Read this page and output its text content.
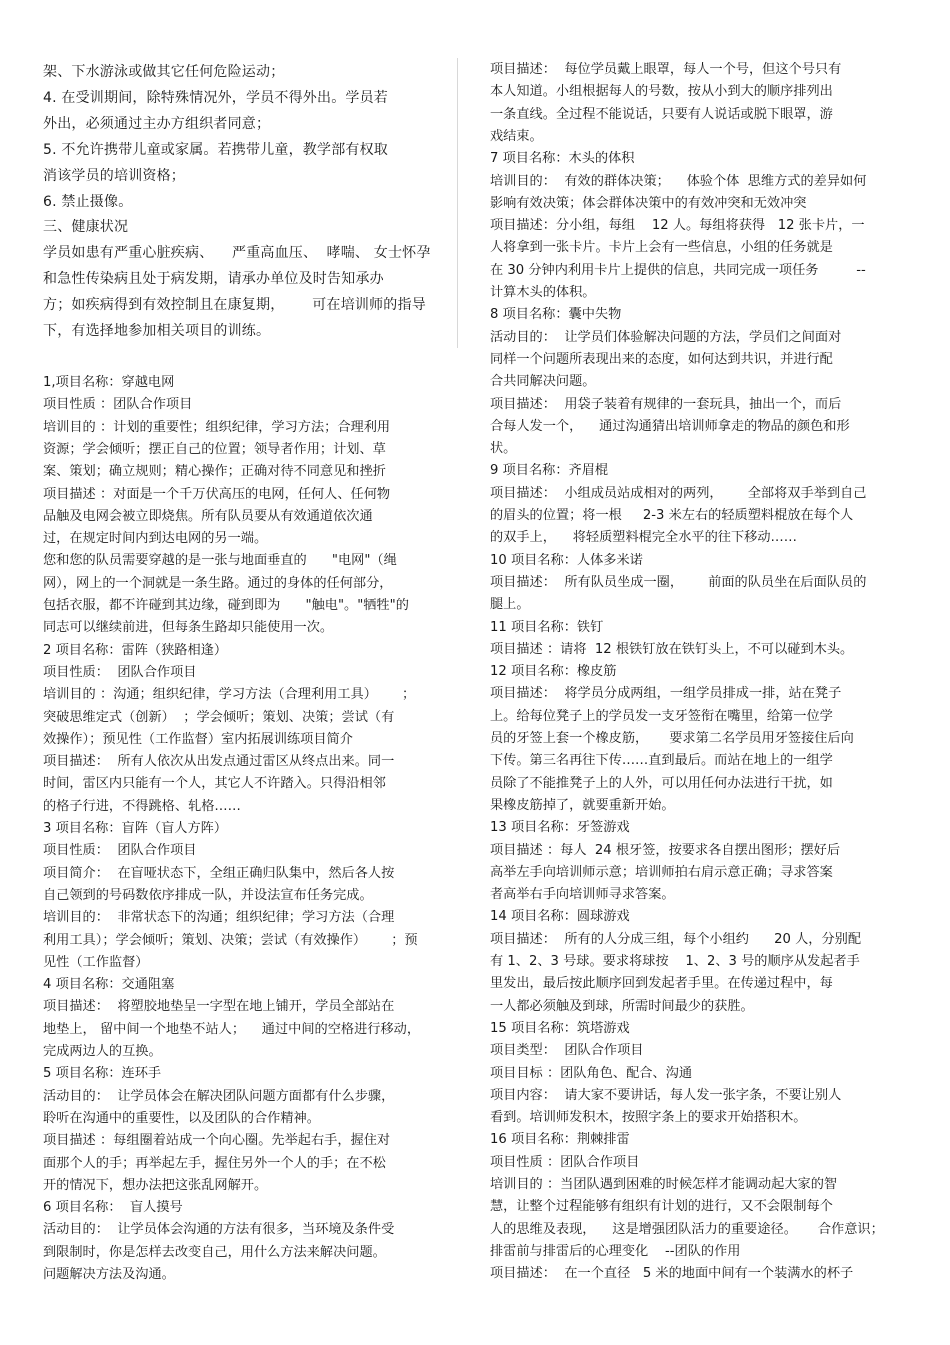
架、下水游泳或做其它任何危险运动；
4. 在受训期间，除特殊情况外，学员不得外出。学员若
外出，必须通过主办方组织者同意；
5. 不允许携带儿童或家属。若携带儿童，教学部有权取
消该学员的培训资格；
6. 禁止摄像。
三、健康状况
学员如患有严重心脏疾病、    严重高血压、  哮喘、 女士怀孕
和急性传染病且处于病发期，请承办单位及时告知承办
方；如疾病得到有效控制且在康复期，      可在培训师的指导
下，有选择地参加相关项目的训练。
1,项目名称：穿越电网
项目性质 ：团队合作项目
培训目的 ：计划的重要性；组织纪律，学习方法；合理利用
资源；学会倾听；摆正自己的位置；领导者作用；计划、草
案、策划；确立规则；精心操作；正确对待不同意见和挫折
项目描述 ：对面是一个千万伏高压的电网，任何人、任何物
品触及电网会被立即烧焦。所有队员要从有效通道依次通
过，在规定时间内到达电网的另一端。
您和您的队员需要穿越的是一张与地面垂直的      "电网"（绳
网），网上的一个洞就是一条生路。通过的身体的任何部分，
包括衣服，都不许碰到其边缘，碰到即为      "触电"。"牺牲"的
同志可以继续前进，但每条生路却只能使用一次。
2 项目名称：雷阵（狭路相逢）
项目性质：  团队合作项目
培训目的 ：沟通；组织纪律，学习方法（合理利用工具）      ；
突破思维定式（创新）  ；学会倾听；策划、决策；尝试（有
效操作）；预见性（工作监督）室内拓展训练项目简介
项目描述：  所有人依次从出发点通过雷区从终点出来。同一
时间，雷区内只能有一个人，其它人不许踏入。只得沿相邻
的格子行进，不得跳格、轧格……
3 项目名称：盲阵（盲人方阵）
项目性质：  团队合作项目
项目简介：  在盲哑状态下，全组正确归队集中，然后各人按
自己领到的号码数依序排成一队，并设法宣布任务完成。
培训目的：  非常状态下的沟通；组织纪律；学习方法（合理
利用工具）；学会倾听；策划、决策；尝试（有效操作）      ；预
见性（工作监督）
4 项目名称：交通阻塞
项目描述：  将塑胶地垫呈一字型在地上铺开，学员全部站在
地垫上， 留中间一个地垫不站人；    通过中间的空格进行移动，
完成两边人的互换。
5 项目名称：连环手
活动目的：  让学员体会在解决团队问题方面都有什么步骤，
聆听在沟通中的重要性，以及团队的合作精神。
项目描述 ：每组圈着站成一个向心圈。先举起右手，握住对
面那个人的手；再举起左手，握住另外一个人的手；在不松
开的情况下，想办法把这张乱网解开。
6 项目名称：  盲人摸号
活动目的：  让学员体会沟通的方法有很多，当环境及条件受
到限制时，你是怎样去改变自己，用什么方法来解决问题。
问题解决方法及沟通。
项目描述：  每位学员戴上眼罩，每人一个号，但这个号只有
本人知道。小组根据每人的号数，按从小到大的顺序排列出
一条直线。全过程不能说话，只要有人说话或脱下眼罩，游
戏结束。
7 项目名称：木头的体积
培训目的：  有效的群体决策；    体验个体  思维方式的差异如何
影响有效决策；体会群体决策中的有效冲突和无效冲突
项目描述：分小组，每组    12 人。每组将获得   12 张卡片，一
人将拿到一张卡片。卡片上会有一些信息，小组的任务就是
在 30 分钟内利用卡片上提供的信息，共同完成一项任务         --
计算木头的体积。
8 项目名称：囊中失物
活动目的：  让学员们体验解决问题的方法，学员们之间面对
同样一个问题所表现出来的态度，如何达到共识，并进行配
合共同解决问题。
项目描述：  用袋子装着有规律的一套玩具，抽出一个，而后
合每人发一个，    通过沟通猜出培训师拿走的物品的颜色和形
状。
9 项目名称：齐眉棍
项目描述：  小组成员站成相对的两列，      全部将双手举到自己
的眉头的位置；将一根     2-3 米左右的轻质塑料棍放在每个人
的双手上，    将轻质塑料棍完全水平的往下移动……
10 项目名称：人体多米诺
项目描述：  所有队员坐成一圈，      前面的队员坐在后面队员的
腿上。
11 项目名称：铁钉
项目描述 ：请将  12 根铁钉放在铁钉头上，不可以碰到木头。
12 项目名称：橡皮筋
项目描述：  将学员分成两组，一组学员排成一排，站在凳子
上。给每位凳子上的学员发一支牙签衔在嘴里，给第一位学
员的牙签上套一个橡皮筋，     要求第二名学员用牙签接住后向
下传。第三名再往下传……直到最后。而站在地上的一组学
员除了不能推凳子上的人外，可以用任何办法进行干扰，如
果橡皮筋掉了，就要重新开始。
13 项目名称：牙签游戏
项目描述 ：每人  24 根牙签，按要求各自摆出图形；摆好后
高举左手向培训师示意；培训师拍右肩示意正确；寻求答案
者高举右手向培训师寻求答案。
14 项目名称：圆球游戏
项目描述：  所有的人分成三组，每个小组约      20 人，分别配
有 1、2、3 号球。要求将球按    1、2、3 号的顺序从发起者手
里发出，最后按此顺序回到发起者手里。在传递过程中，每
一人都必须触及到球，所需时间最少的获胜。
15 项目名称：筑塔游戏
项目类型：  团队合作项目
项目目标 ：团队角色、配合、沟通
项目内容：  请大家不要讲话，每人发一张字条，不要让别人
看到。培训师发积木，按照字条上的要求开始搭积木。
16 项目名称：荆棘排雷
项目性质 ：团队合作项目
培训目的 ：当团队遇到困难的时候怎样才能调动起大家的智
慧，让整个过程能够有组织有计划的进行，又不会限制每个
人的思维及表现，    这是增强团队活力的重要途径。     合作意识；
排雷前与排雷后的心理变化    --团队的作用
项目描述：  在一个直径   5 米的地面中间有一个装满水的杯子
